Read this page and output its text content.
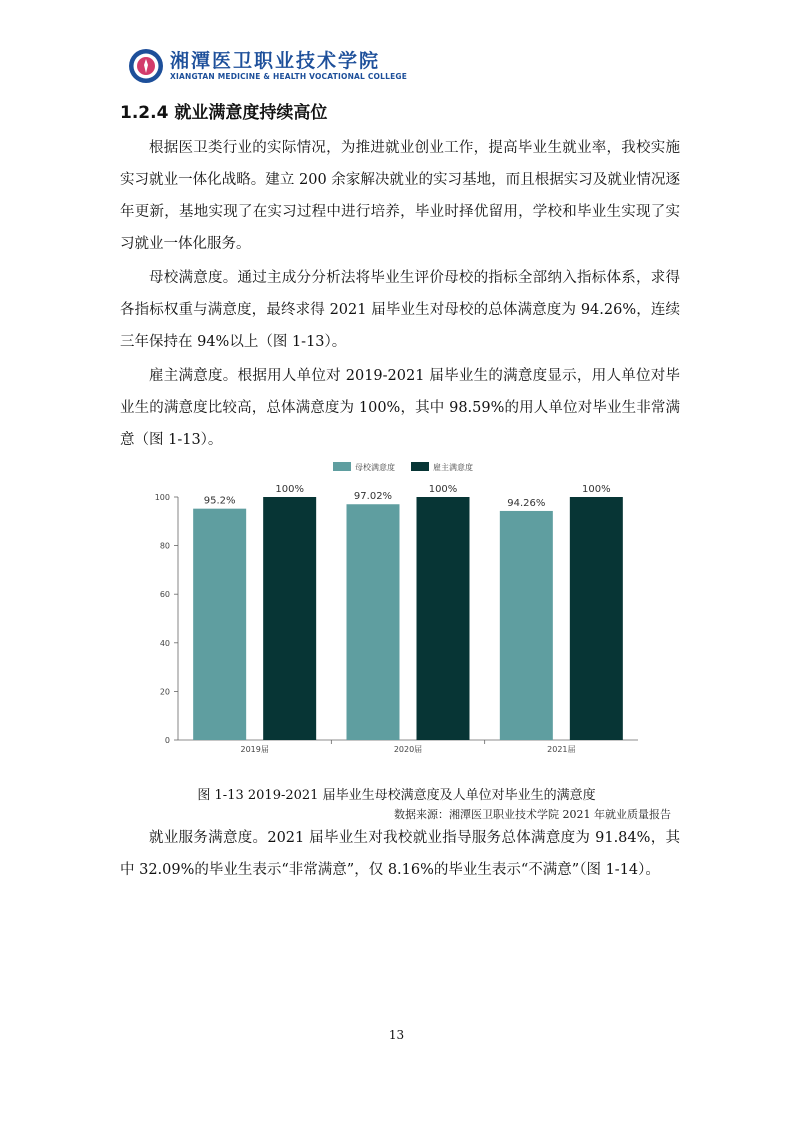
湘潭医卫职业技术学院
XIANGTAN MEDICINE & HEALTH VOCATIONAL COLLEGE
1.2.4 就业满意度持续高位

根据医卫类行业的实际情况，为推进就业创业工作，提高毕业生就业率，我校实施实习就业一体化战略。建立 200 余家解决就业的实习基地，而且根据实习及就业情况逐年更新，基地实现了在实习过程中进行培养，毕业时择优留用，学校和毕业生实现了实习就业一体化服务。

母校满意度。通过主成分分析法将毕业生评价母校的指标全部纳入指标体系，求得各指标权重与满意度，最终求得 2021 届毕业生对母校的总体满意度为 94.26%，连续三年保持在 94%以上（图 1-13）。

雇主满意度。根据用人单位对 2019-2021 届毕业生的满意度显示，用人单位对毕业生的满意度比较高，总体满意度为 100%，其中 98.59%的用人单位对毕业生非常满意（图 1-13）。

母校满意度	雇主满意度
0
20
40
60
80
100	95.2%
100%
2019届
97.02%
100%
2020届
94.26%
100%
2021届
图 1-13 2019-2021 届毕业生母校满意度及人单位对毕业生的满意度
数据来源：湘潭医卫职业技术学院 2021 年就业质量报告

就业服务满意度。2021 届毕业生对我校就业指导服务总体满意度为 91.84%，其中 32.09%的毕业生表示“非常满意”，仅 8.16%的毕业生表示“不满意”（图 1-14）。

13
